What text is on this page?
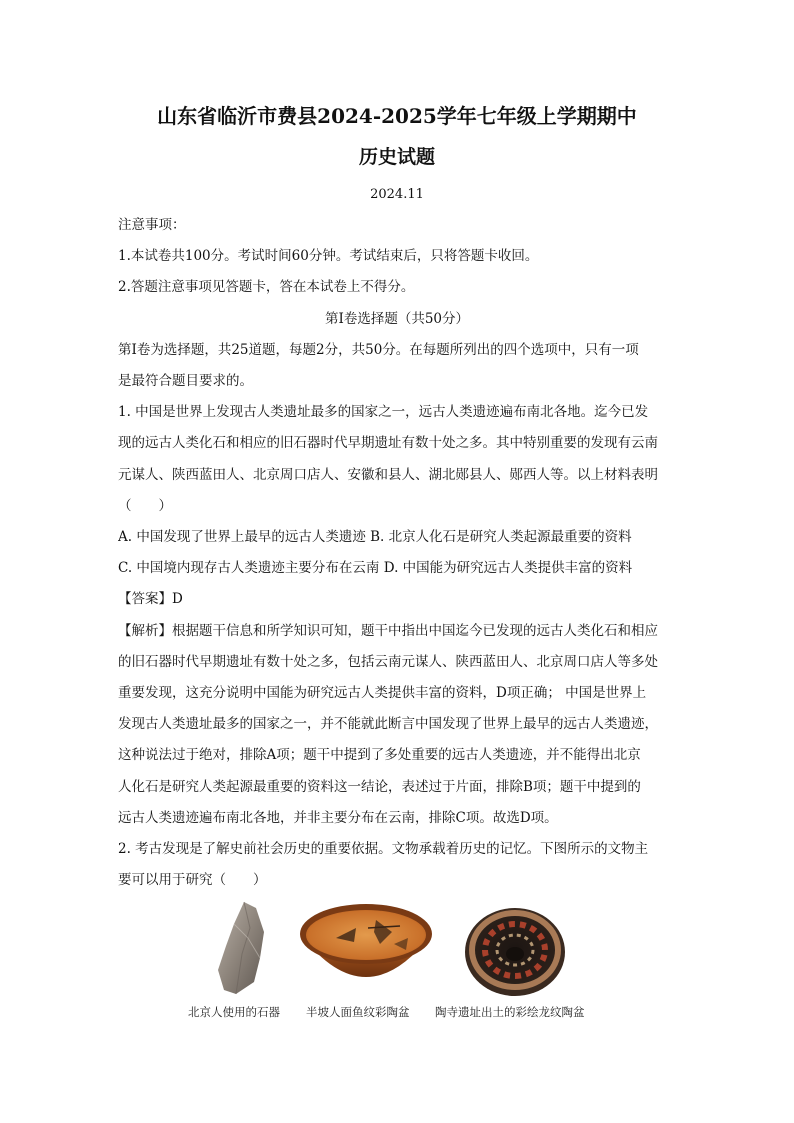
山东省临沂市费县2024-2025学年七年级上学期期中
历史试题

2024.11

注意事项：

1.本试卷共100分。考试时间60分钟。考试结束后，只将答题卡收回。

2.答题注意事项见答题卡，答在本试卷上不得分。

第Ⅰ卷选择题（共50分）

第Ⅰ卷为选择题，共25道题，每题2分，共50分。在每题所列出的四个选项中，只有一项

是最符合题目要求的。

1. 中国是世界上发现古人类遗址最多的国家之一，远古人类遗迹遍布南北各地。迄今已发

现的远古人类化石和相应的旧石器时代早期遗址有数十处之多。其中特别重要的发现有云南

元谋人、陕西蓝田人、北京周口店人、安徽和县人、湖北郧县人、郧西人等。以上材料表明

（　　）

A. 中国发现了世界上最早的远古人类遗迹 B. 北京人化石是研究人类起源最重要的资料

C. 中国境内现存古人类遗迹主要分布在云南 D. 中国能为研究远古人类提供丰富的资料

【答案】D

【解析】根据题干信息和所学知识可知，题干中指出中国迄今已发现的远古人类化石和相应

的旧石器时代早期遗址有数十处之多，包括云南元谋人、陕西蓝田人、北京周口店人等多处

重要发现，这充分说明中国能为研究远古人类提供丰富的资料，D项正确； 中国是世界上

发现古人类遗址最多的国家之一，并不能就此断言中国发现了世界上最早的远古人类遗迹，

这种说法过于绝对，排除A项；题干中提到了多处重要的远古人类遗迹，并不能得出北京

人化石是研究人类起源最重要的资料这一结论，表述过于片面，排除B项；题干中提到的

远古人类遗迹遍布南北各地，并非主要分布在云南，排除C项。故选D项。

2. 考古发现是了解史前社会历史的重要依据。文物承载着历史的记忆。下图所示的文物主

要可以用于研究（　　）

北京人使用的石器 半坡人面鱼纹彩陶盆 陶寺遗址出土的彩绘龙纹陶盆
